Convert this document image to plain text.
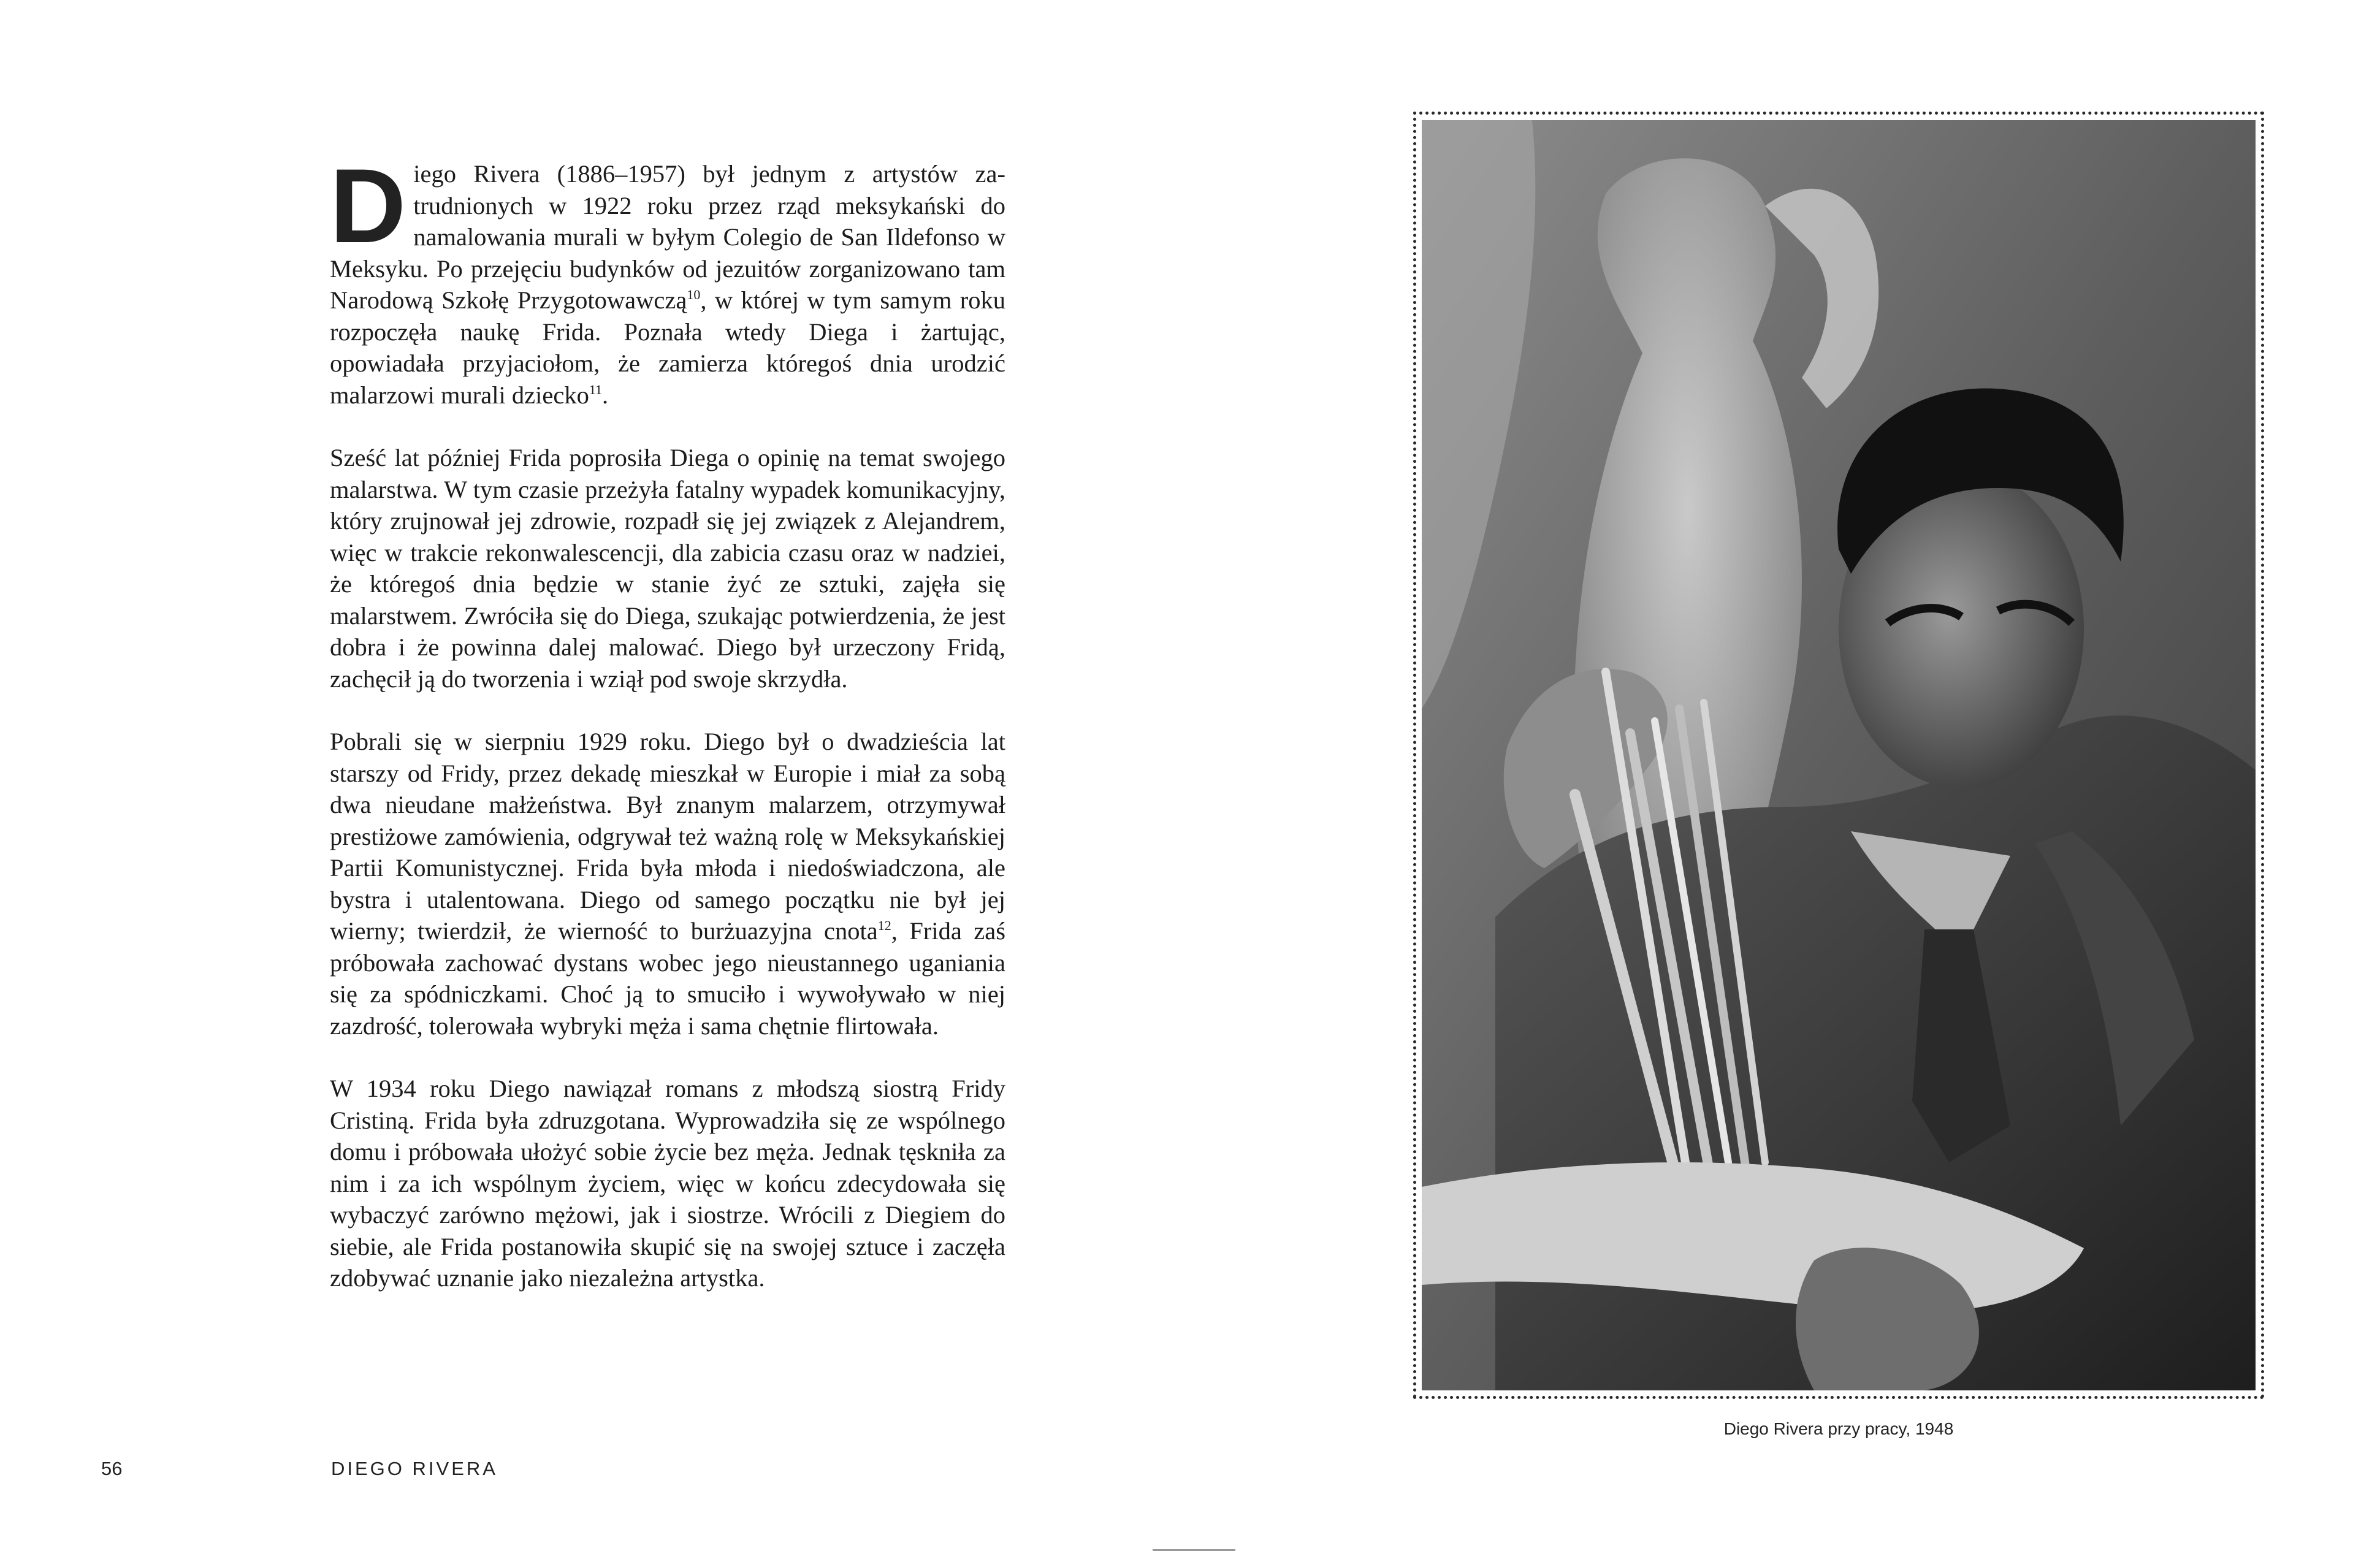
Diego Rivera (1886–1957) był jednym z artystów za-trudnionych w 1922 roku przez rząd meksykański do namalowania murali w byłym Colegio de San Ildefonso w Meksyku. Po przejęciu budynków od jezuitów zorganizowano tam Narodową Szkołę Przygotowawczą$^{10}$, w której w tym samym roku rozpoczęła naukę Frida. Poznała wtedy Diega i żartując, opowiadała przyjaciołom, że zamierza któregoś dnia urodzić malarzowi murali dziecko$^{11}$.

Sześć lat później Frida poprosiła Diega o opinię na temat swojego malarstwa. W tym czasie przeżyła fatalny wypadek komunikacyjny, który zrujnował jej zdrowie, rozpadł się jej związek z Alejandrem, więc w trakcie rekonwalescencji, dla zabicia czasu oraz w nadziei, że któregoś dnia będzie w stanie żyć ze sztuki, zajęła się malarstwem. Zwróciła się do Diega, szukając potwierdzenia, że jest dobra i że powinna dalej malować. Diego był urzeczony Fridą, zachęcił ją do tworzenia i wziął pod swoje skrzydła.

Pobrali się w sierpniu 1929 roku. Diego był o dwadzieścia lat starszy od Fridy, przez dekadę mieszkał w Europie i miał za sobą dwa nieudane małżeństwa. Był znanym malarzem, otrzymywał prestiżowe zamówienia, odgrywał też ważną rolę w Meksykańskiej Partii Komunistycznej. Frida była młoda i niedoświadczona, ale bystra i utalentowana. Diego od samego początku nie był jej wierny; twierdził, że wierność to burżuazyjna cnota$^{12}$, Frida zaś próbowała zachować dystans wobec jego nieustannego uganiania się za spódniczkami. Choć ją to smuciło i wywoływało w niej zazdrość, tolerowała wybryki męża i sama chętnie flirtowała.

W 1934 roku Diego nawiązał romans z młodszą siostrą Fridy Cristiną. Frida była zdruzgotana. Wyprowadziła się ze wspólnego domu i próbowała ułożyć sobie życie bez męża. Jednak tęskniła za nim i za ich wspólnym życiem, więc w końcu zdecydowała się wybaczyć zarówno mężowi, jak i siostrze. Wrócili z Diegiem do siebie, ale Frida postanowiła skupić się na swojej sztuce i zaczęła zdobywać uznanie jako niezależna artystka.

56	DIEGO RIVERA
Diego Rivera przy pracy, 1948
